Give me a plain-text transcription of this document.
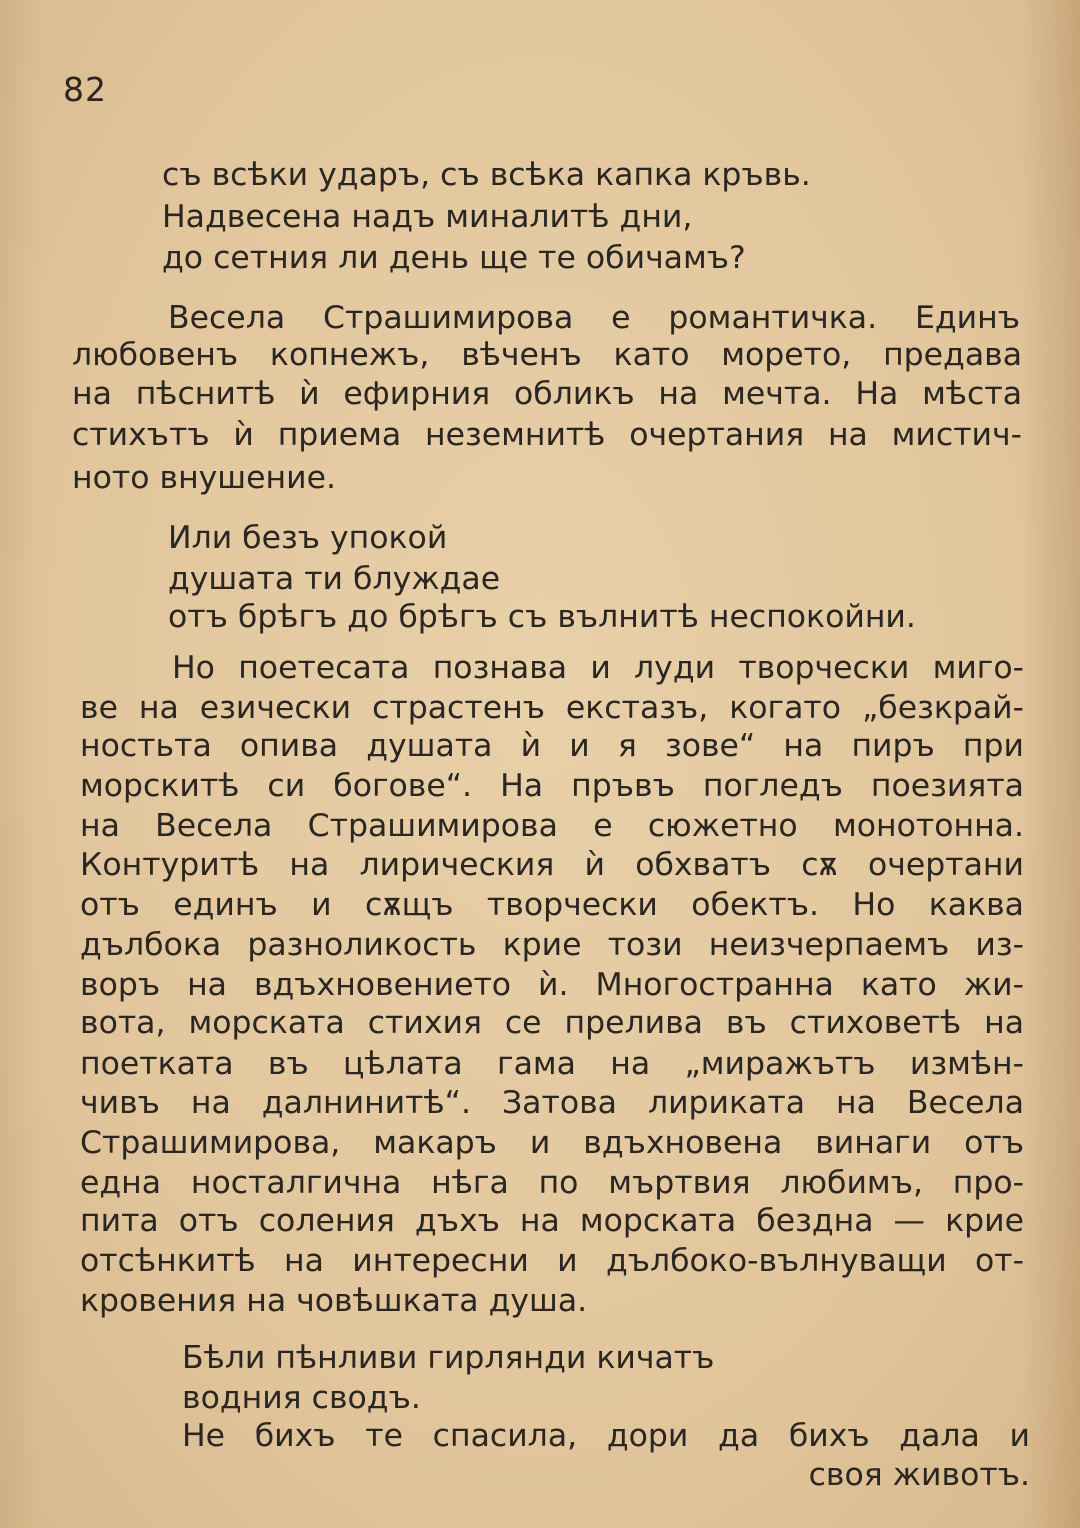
82
съ всѣки ударъ, съ всѣка капка кръвь.
Надвесена надъ миналитѣ дни,
до сетния ли день ще те обичамъ?
Весела Страшимирова е романтичка. Единъ
любовенъ копнежъ, вѣченъ като морето, предава
на пѣснитѣ ѝ ефирния обликъ на мечта. На мѣста
стихътъ ѝ приема неземнитѣ очертания на мистич-
ното внушение.
Или безъ упокой
душата ти блуждае
отъ брѣгъ до брѣгъ съ вълнитѣ неспокойни.
Но поетесата познава и луди творчески миго-
ве на езически страстенъ екстазъ, когато „безкрай-
ностьта опива душата ѝ и я зове“ на пиръ при
морскитѣ си богове“. На пръвъ погледъ поезията
на Весела Страшимирова е сюжетно монотонна.
Контуритѣ на лирическия ѝ обхватъ сѫ очертани
отъ единъ и сѫщъ творчески обектъ. Но каква
дълбока разноликость крие този неизчерпаемъ из-
воръ на вдъхновението ѝ. Многостранна като жи-
вота, морската стихия се прелива въ стиховетѣ на
поетката въ цѣлата гама на „миражътъ измѣн-
чивъ на далнинитѣ“. Затова лириката на Весела
Страшимирова, макаръ и вдъхновена винаги отъ
една носталгична нѣга по мъртвия любимъ, про-
пита отъ соления дъхъ на морската бездна — крие
отсѣнкитѣ на интересни и дълбоко-вълнуващи от-
кровения на човѣшката душа.
Бѣли пѣнливи гирлянди кичатъ
водния сводъ.
Не бихъ те спасила, дори да бихъ дала и
своя животъ.
